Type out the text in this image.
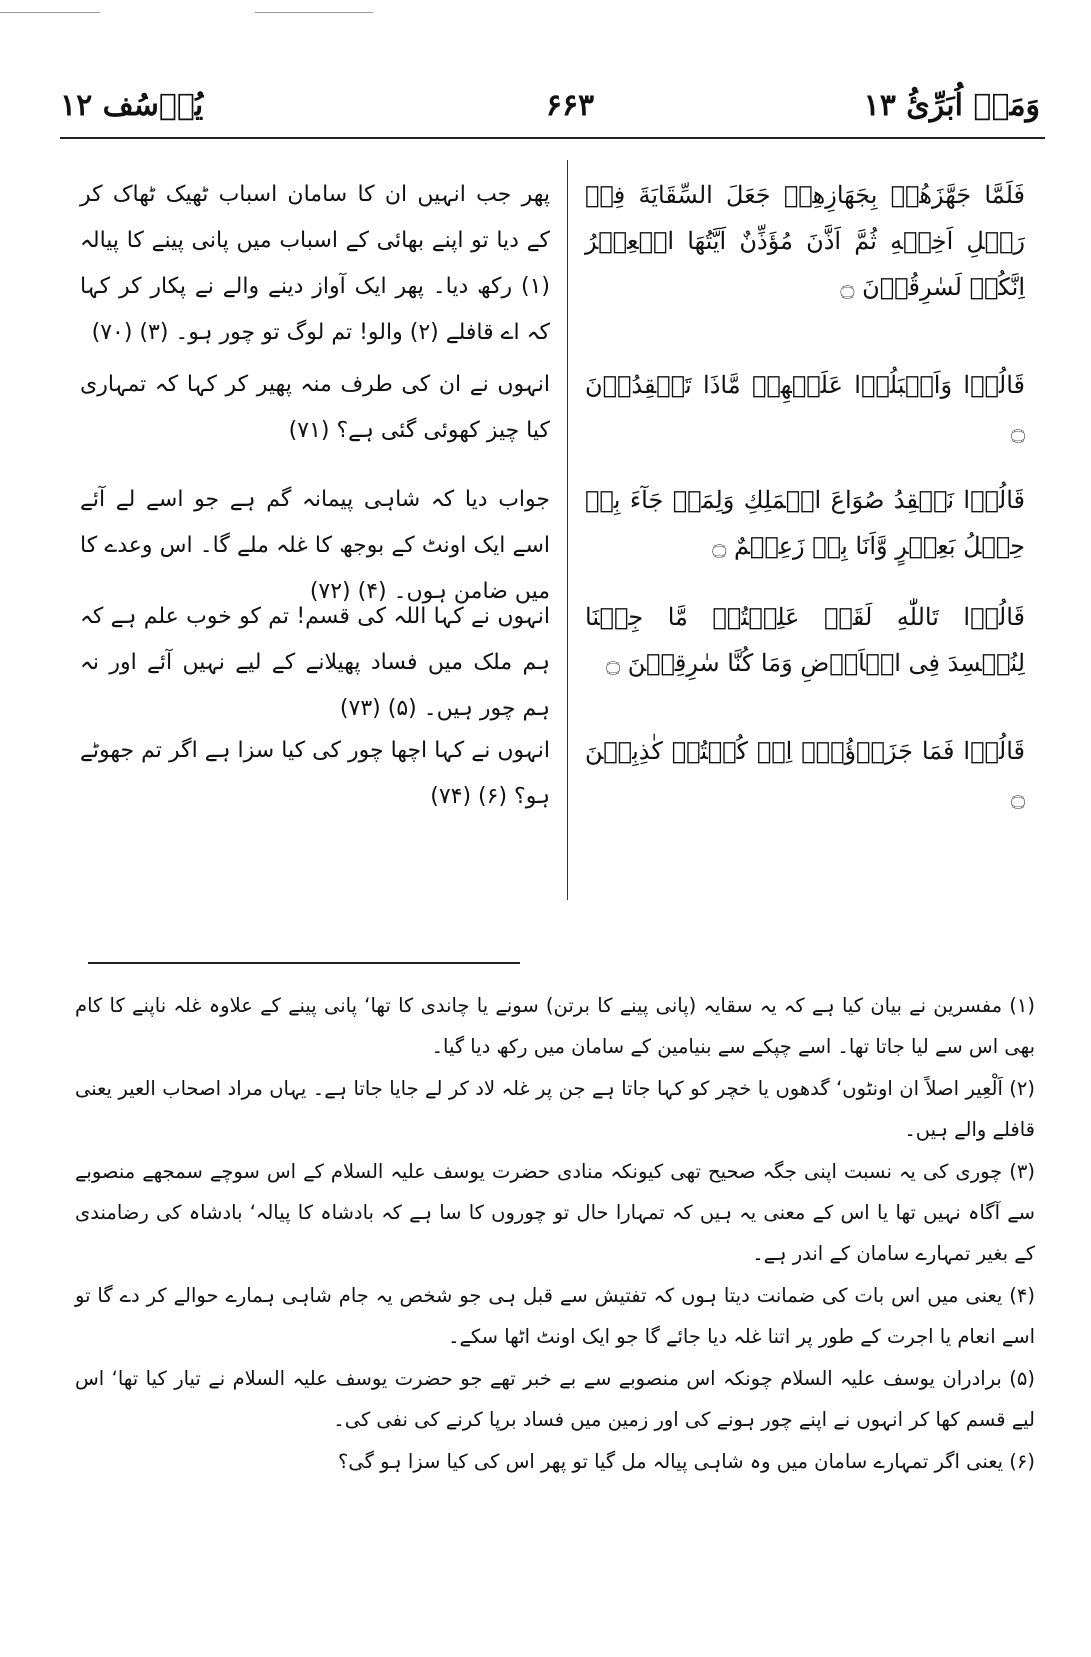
یُوۡسُف ۱۲	۶۶۳	وَمَاۤ اُبَرِّئُ ۱۳

پھر جب انہیں ان کا سامان اسباب ٹھیک ٹھاک کر کے دیا تو اپنے بھائی کے اسباب میں پانی پینے کا پیالہ (۱) رکھ دیا۔ پھر ایک آواز دینے والے نے پکار کر کہا کہ اے قافلے (۲) والو! تم لوگ تو چور ہو۔ (۳) (۷۰)

انہوں نے ان کی طرف منہ پھیر کر کہا کہ تمہاری کیا چیز کھوئی گئی ہے؟ (۷۱)

جواب دیا کہ شاہی پیمانہ گم ہے جو اسے لے آئے اسے ایک اونٹ کے بوجھ کا غلہ ملے گا۔ اس وعدے کا میں ضامن ہوں۔ (۴) (۷۲)

انہوں نے کہا اللہ کی قسم! تم کو خوب علم ہے کہ ہم ملک میں فساد پھیلانے کے لیے نہیں آئے اور نہ ہم چور ہیں۔ (۵) (۷۳)

انہوں نے کہا اچھا چور کی کیا سزا ہے اگر تم جھوٹے ہو؟ (۶) (۷۴)

فَلَمَّا جَهَّزَهُمۡ بِجَهَازِهِمۡ جَعَلَ السِّقَايَةَ فِيۡ رَحۡلِ اَخِيۡهِ ثُمَّ اَذَّنَ مُؤَذِّنٌ اَيَّتُهَا الۡعِيۡرُ اِنَّكُمۡ لَسٰرِقُوۡنَ ۝

قَالُوۡا وَاَقۡبَلُوۡا عَلَيۡهِمۡ مَّاذَا تَفۡقِدُوۡنَ ۝

قَالُوۡا نَفۡقِدُ صُوَاعَ الۡمَلِكِ وَلِمَنۡ جَآءَ بِهٖ حِمۡلُ بَعِيۡرٍ وَّاَنَا بِهٖ زَعِيۡمٌ ۝

قَالُوۡا تَاللّٰهِ لَقَدۡ عَلِمۡتُمۡ مَّا جِئۡنَا لِنُفۡسِدَ فِى الۡاَرۡضِ وَمَا كُنَّا سٰرِقِيۡنَ ۝

قَالُوۡا فَمَا جَزَاۤؤُهٗۤ اِنۡ كُنۡتُمۡ كٰذِبِيۡنَ ۝

(۱) مفسرین نے بیان کیا ہے کہ یہ سقایہ (پانی پینے کا برتن) سونے یا چاندی کا تھا‘ پانی پینے کے علاوہ غلہ ناپنے کا کام بھی اس سے لیا جاتا تھا۔ اسے چپکے سے بنیامین کے سامان میں رکھ دیا گیا۔

(۲) اَلْعِیر اصلاً ان اونٹوں‘ گدھوں یا خچر کو کہا جاتا ہے جن پر غلہ لاد کر لے جایا جاتا ہے۔ یہاں مراد اصحاب العیر یعنی قافلے والے ہیں۔

(۳) چوری کی یہ نسبت اپنی جگہ صحیح تھی کیونکہ منادی حضرت یوسف علیہ السلام کے اس سوچے سمجھے منصوبے سے آگاہ نہیں تھا یا اس کے معنی یہ ہیں کہ تمہارا حال تو چوروں کا سا ہے کہ بادشاہ کا پیالہ‘ بادشاہ کی رضامندی کے بغیر تمہارے سامان کے اندر ہے۔

(۴) یعنی میں اس بات کی ضمانت دیتا ہوں کہ تفتیش سے قبل ہی جو شخص یہ جام شاہی ہمارے حوالے کر دے گا تو اسے انعام یا اجرت کے طور پر اتنا غلہ دیا جائے گا جو ایک اونٹ اٹھا سکے۔

(۵) برادران یوسف علیہ السلام چونکہ اس منصوبے سے بے خبر تھے جو حضرت یوسف علیہ السلام نے تیار کیا تھا‘ اس لیے قسم کھا کر انہوں نے اپنے چور ہونے کی اور زمین میں فساد برپا کرنے کی نفی کی۔

(۶) یعنی اگر تمہارے سامان میں وہ شاہی پیالہ مل گیا تو پھر اس کی کیا سزا ہو گی؟
